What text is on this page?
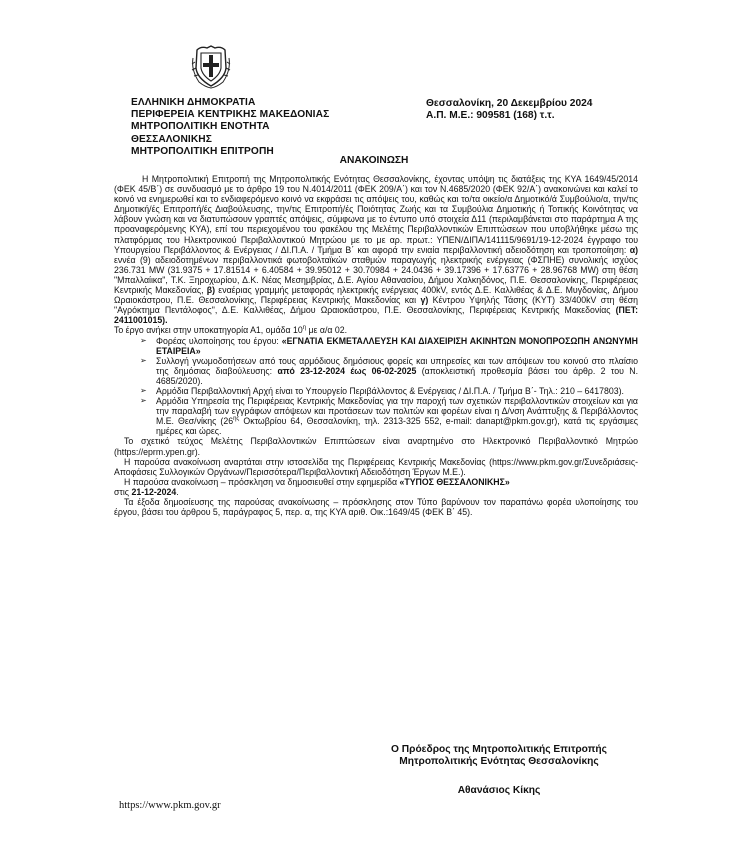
ΕΛΛΗΝΙΚΗ ΔΗΜΟΚΡΑΤΙΑ
ΠΕΡΙΦΕΡΕΙΑ ΚΕΝΤΡΙΚΗΣ ΜΑΚΕΔΟΝΙΑΣ
ΜΗΤΡΟΠΟΛΙΤΙΚΗ ΕΝΟΤΗΤΑ
ΘΕΣΣΑΛΟΝΙΚΗΣ
ΜΗΤΡΟΠΟΛΙΤΙΚΗ ΕΠΙΤΡΟΠΗ
Θεσσαλονίκη, 20 Δεκεμβρίου 2024
Α.Π. Μ.Ε.: 909581 (168) τ.τ.
ΑΝΑΚΟΙΝΩΣΗ

Η Μητροπολιτική Επιτροπή της Μητροπολιτικής Ενότητας Θεσσαλονίκης, έχοντας υπόψη τις διατάξεις της ΚΥΑ 1649/45/2014 (ΦΕΚ 45/Β΄) σε συνδυασμό με το άρθρο 19 του Ν.4014/2011 (ΦΕΚ 209/Α΄) και τον Ν.4685/2020 (ΦΕΚ 92/Α΄) ανακοινώνει και καλεί το κοινό να ενημερωθεί και το ενδιαφερόμενο κοινό να εκφράσει τις απόψεις του, καθώς και το/τα οικείο/α Δημοτικό/ά Συμβούλιο/α, την/τις Δημοτική/ές Επιτροπή/ές Διαβούλευσης, την/τις Επιτροπή/ές Ποιότητας Ζωής και τα Συμβούλια Δημοτικής ή Τοπικής Κοινότητας να λάβουν γνώση και να διατυπώσουν γραπτές απόψεις, σύμφωνα με το έντυπο υπό στοιχεία Δ11 (περιλαμβάνεται στο παράρτημα Α της προαναφερόμενης ΚΥΑ), επί του περιεχομένου του φακέλου της Μελέτης Περιβαλλοντικών Επιπτώσεων που υποβλήθηκε μέσω της πλατφόρμας του Ηλεκτρονικού Περιβαλλοντικού Μητρώου με το με αρ. πρωτ.: ΥΠΕΝ/ΔΙΠΑ/141115/9691/19-12-2024 έγγραφο του Υπουργείου Περιβάλλοντος & Ενέργειας / ΔΙ.Π.Α. / Τμήμα Β΄ και αφορά την ενιαία περιβαλλοντική αδειοδότηση και τροποποίηση: α) εννέα (9) αδειοδοτημένων περιβαλλοντικά φωτοβολταϊκών σταθμών παραγωγής ηλεκτρικής ενέργειας (ΦΣΠΗΕ) συνολικής ισχύος 236.731 MW (31.9375 + 17.81514 + 6.40584 + 39.95012 + 30.70984 + 24.0436 + 39.17396 + 17.63776 + 28.96768 MW) στη θέση "Μπαλλαίικα", Τ.Κ. Ξηροχωρίου, Δ.Κ. Νέας Μεσημβρίας, Δ.Ε. Αγίου Αθανασίου, Δήμου Χαλκηδόνος, Π.Ε. Θεσσαλονίκης, Περιφέρειας Κεντρικής Μακεδονίας, β) εναέριας γραμμής μεταφοράς ηλεκτρικής ενέργειας 400kV, εντός Δ.Ε. Καλλιθέας & Δ.Ε. Μυγδονίας, Δήμου Ωραιοκάστρου, Π.Ε. Θεσσαλονίκης, Περιφέρειας Κεντρικής Μακεδονίας και γ) Κέντρου Υψηλής Τάσης (ΚΥΤ) 33/400kV στη θέση "Αγρόκτημα Πεντάλοφος", Δ.Ε. Καλλιθέας, Δήμου Ωραιοκάστρου, Π.Ε. Θεσσαλονίκης, Περιφέρειας Κεντρικής Μακεδονίας (ΠΕΤ: 2411001015).
Το έργο ανήκει στην υποκατηγορία Α1, ομάδα $10^\eta$ με α/α 02.

➢ Φορέας υλοποίησης του έργου: «ΕΓΝΑΤΙΑ ΕΚΜΕΤΑΛΛΕΥΣΗ ΚΑΙ ΔΙΑΧΕΙΡΙΣΗ ΑΚΙΝΗΤΩΝ ΜΟΝΟΠΡΟΣΩΠΗ ΑΝΩΝΥΜΗ ΕΤΑΙΡΕΙΑ»

➢ Συλλογή γνωμοδοτήσεων από τους αρμόδιους δημόσιους φορείς και υπηρεσίες και των απόψεων του κοινού στο πλαίσιο της δημόσιας διαβούλευσης: από 23-12-2024 έως 06-02-2025 (αποκλειστική προθεσμία βάσει του άρθρ. 2 του Ν. 4685/2020).

➢ Αρμόδια Περιβαλλοντική Αρχή είναι το Υπουργείο Περιβάλλοντος & Ενέργειας / ΔΙ.Π.Α. / Τμήμα Β΄- Τηλ.: 210 – 6417803).

➢ Αρμόδια Υπηρεσία της Περιφέρειας Κεντρικής Μακεδονίας για την παροχή των σχετικών περιβαλλοντικών στοιχείων και για την παραλαβή των εγγράφων απόψεων και προτάσεων των πολιτών και φορέων είναι η Δ/νση Ανάπτυξης & Περιβάλλοντος Μ.Ε. Θεσ/νίκης ($26^{\eta\varsigma}$ Οκτωβρίου 64, Θεσσαλονίκη, τηλ. 2313-325 552, e-mail: danapt@pkm.gov.gr), κατά τις εργάσιμες ημέρες και ώρες.

Το σχετικό τεύχος Μελέτης Περιβαλλοντικών Επιπτώσεων είναι αναρτημένο στο Ηλεκτρονικό Περιβαλλοντικό Μητρώο (https://eprm.ypen.gr).

Η παρούσα ανακοίνωση αναρτάται στην ιστοσελίδα της Περιφέρειας Κεντρικής Μακεδονίας (https://www.pkm.gov.gr/Συνεδριάσεις-Αποφάσεις Συλλογικών Οργάνων/Περισσότερα/Περιβαλλοντική Αδειοδότηση Έργων Μ.Ε.).

Η παρούσα ανακοίνωση – πρόσκληση να δημοσιευθεί στην εφημερίδα «ΤΥΠΟΣ ΘΕΣΣΑΛΟΝΙΚΗΣ»
στις 21-12-2024.

Τα έξοδα δημοσίευσης της παρούσας ανακοίνωσης – πρόσκλησης στον Τύπο βαρύνουν τον παραπάνω φορέα υλοποίησης του έργου, βάσει του άρθρου 5, παράγραφος 5, περ. α, της ΚΥΑ αριθ. Οικ.:1649/45 (ΦΕΚ Β΄ 45).

Ο Πρόεδρος της Μητροπολιτικής Επιτροπής
Μητροπολιτικής Ενότητας Θεσσαλονίκης
Αθανάσιος Κίκης
https://www.pkm.gov.gr
